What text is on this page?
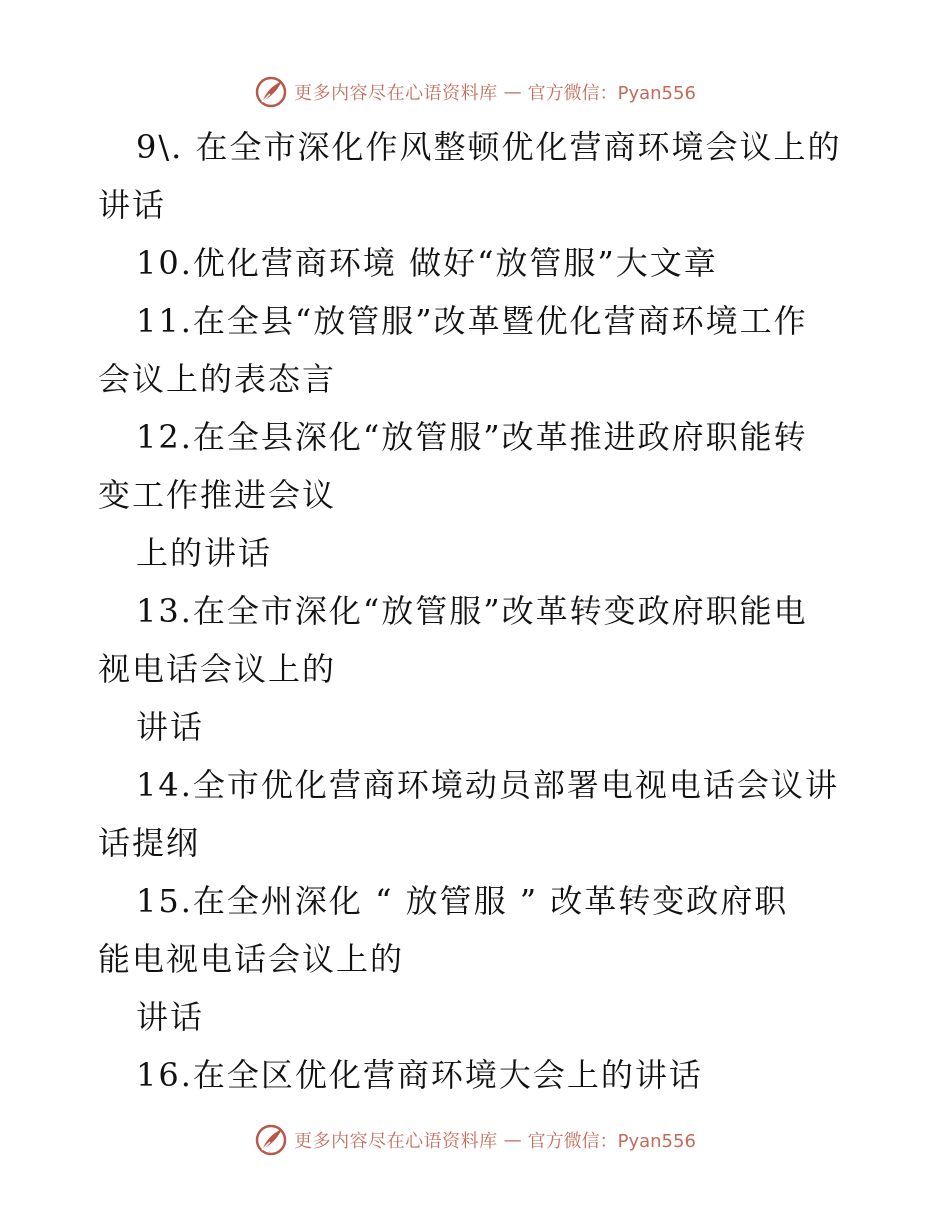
更多内容尽在心语资料库 — 官方微信：Pyan556
9\. 在全市深化作风整顿优化营商环境会议上的
讲话
10.优化营商环境 做好“放管服”大文章
11.在全县“放管服”改革暨优化营商环境工作
会议上的表态言
12.在全县深化“放管服”改革推进政府职能转
变工作推进会议
上的讲话
13.在全市深化“放管服”改革转变政府职能电
视电话会议上的
讲话
14.全市优化营商环境动员部署电视电话会议讲
话提纲
15.在全州深化 “ 放管服 ” 改革转变政府职
能电视电话会议上的
讲话
16.在全区优化营商环境大会上的讲话
更多内容尽在心语资料库 — 官方微信：Pyan556
